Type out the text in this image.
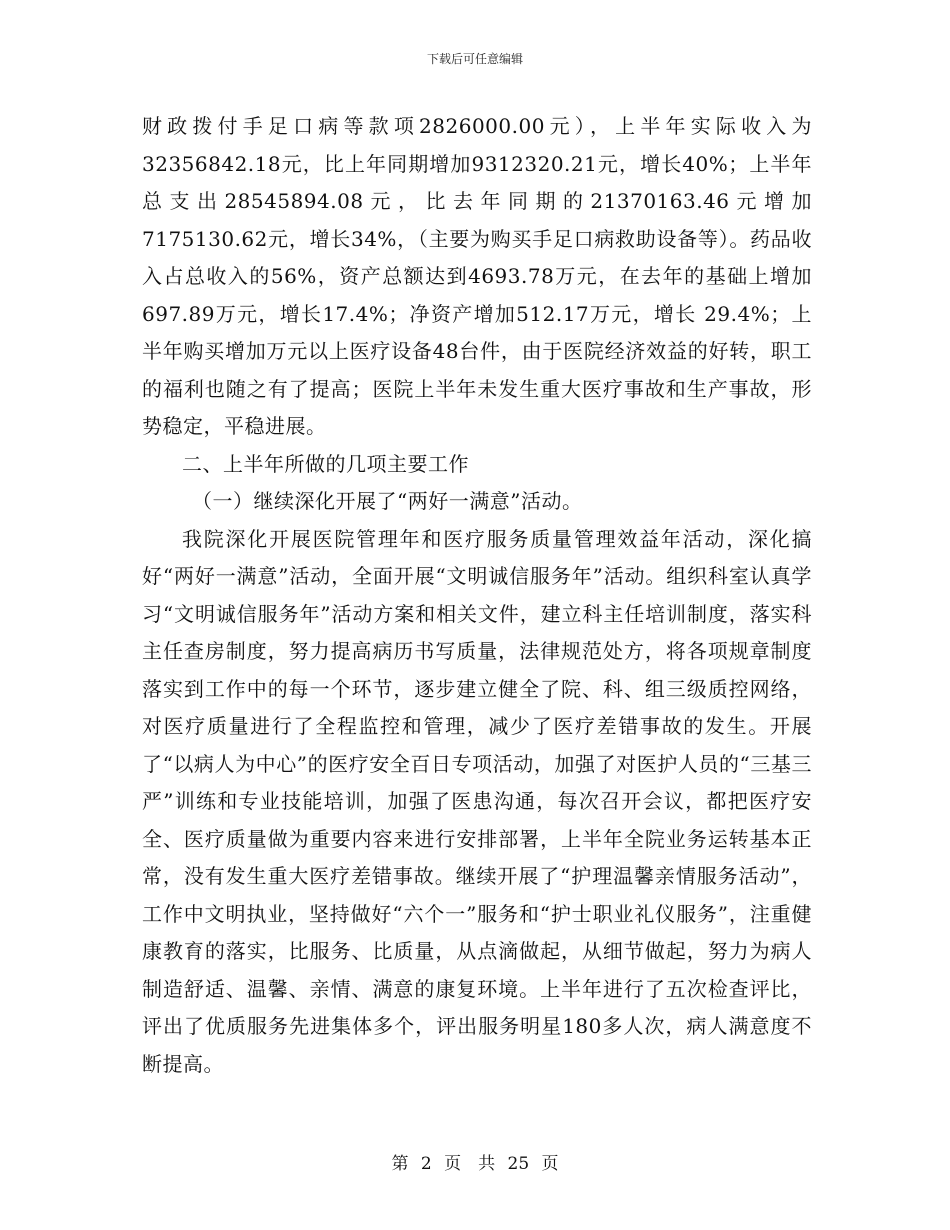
下载后可任意编辑

财政拨付手足口病等款项2826000.00元），上半年实际收入为32356842.18元，比上年同期增加9312320.21元，增长40%；上半年总支出28545894.08元，比去年同期的21370163.46元增加7175130.62元，增长34%，（主要为购买手足口病救助设备等）。药品收入占总收入的56%，资产总额达到4693.78万元，在去年的基础上增加697.89万元，增长17.4%；净资产增加512.17万元，增长 29.4%；上半年购买增加万元以上医疗设备48台件，由于医院经济效益的好转，职工的福利也随之有了提高；医院上半年未发生重大医疗事故和生产事故，形势稳定，平稳进展。

二、上半年所做的几项主要工作

（一）继续深化开展了“两好一满意”活动。

我院深化开展医院管理年和医疗服务质量管理效益年活动，深化搞好“两好一满意”活动，全面开展“文明诚信服务年”活动。组织科室认真学习“文明诚信服务年”活动方案和相关文件，建立科主任培训制度，落实科主任查房制度，努力提高病历书写质量，法律规范处方，将各项规章制度落实到工作中的每一个环节，逐步建立健全了院、科、组三级质控网络，对医疗质量进行了全程监控和管理，减少了医疗差错事故的发生。开展了“以病人为中心”的医疗安全百日专项活动，加强了对医护人员的“三基三严”训练和专业技能培训，加强了医患沟通，每次召开会议，都把医疗安全、医疗质量做为重要内容来进行安排部署，上半年全院业务运转基本正常，没有发生重大医疗差错事故。继续开展了“护理温馨亲情服务活动”，工作中文明执业，坚持做好“六个一”服务和“护士职业礼仪服务”，注重健康教育的落实，比服务、比质量，从点滴做起，从细节做起，努力为病人制造舒适、温馨、亲情、满意的康复环境。上半年进行了五次检查评比，评出了优质服务先进集体多个，评出服务明星180多人次，病人满意度不断提高。

第 2 页　共 25 页
